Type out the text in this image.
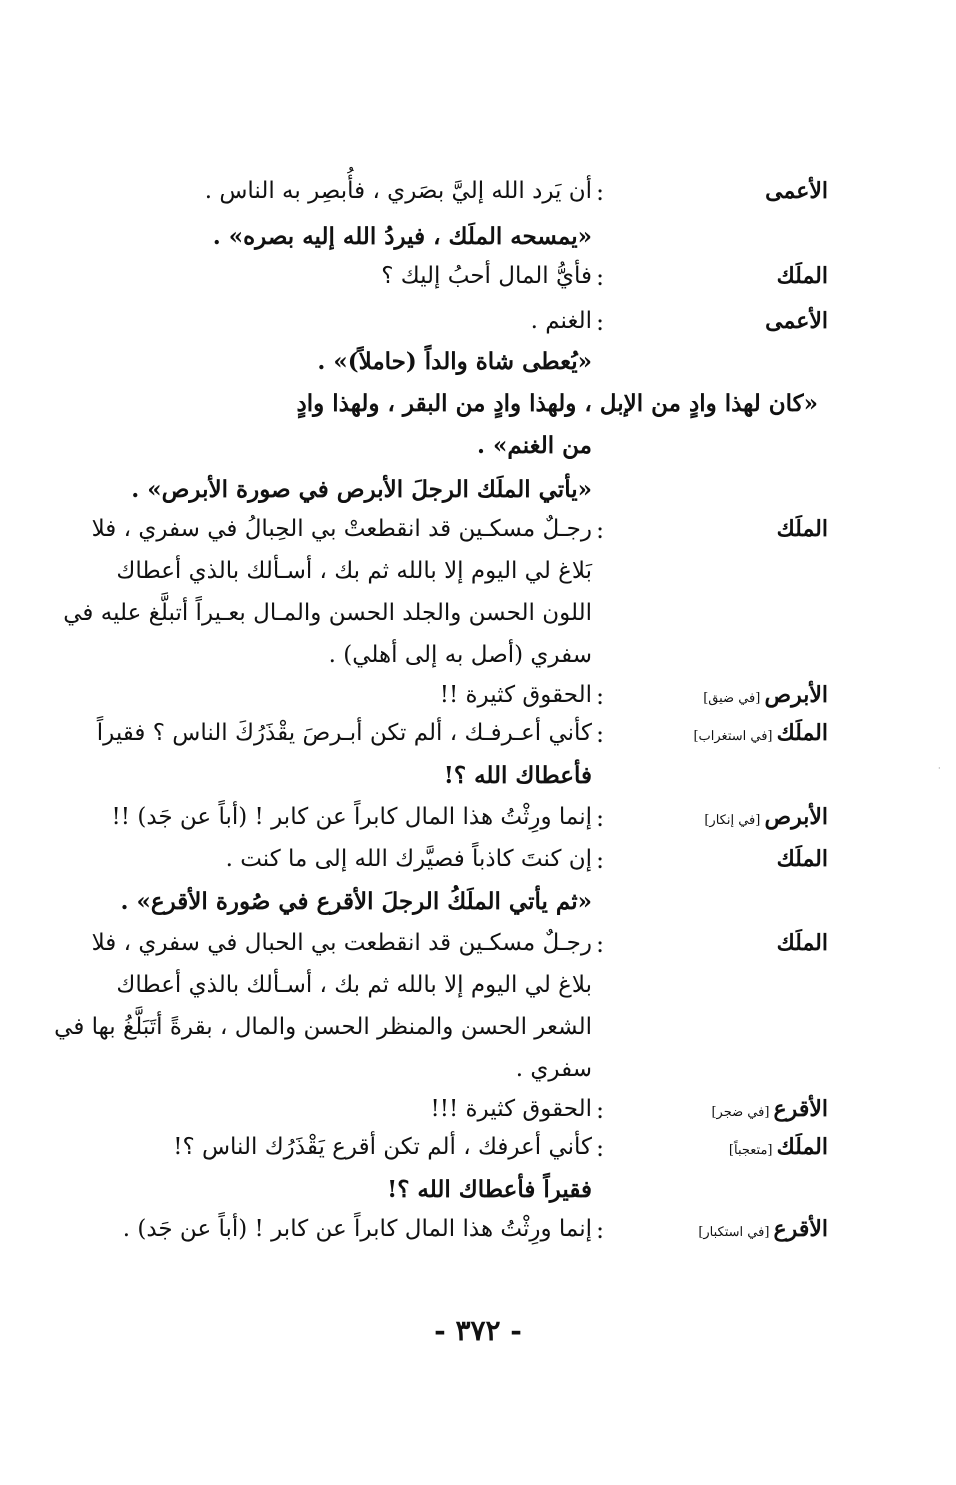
الأعمى
:
أن يَرد الله إليَّ بصَري ، فأُبصِر به الناس .
«يمسحه الملَك ، فيردُ الله إليه بصره» .
الملَك
:
فأيُّ المال أحبُ إليك ؟
الأعمى
:
الغنم .
«يُعطى شاة والداً (حاملاً)» .
«كان لهذا وادٍ من الإبل ، ولهذا وادٍ من البقر ، ولهذا وادٍ
من الغنم» .
«يأتي الملَك الرجلَ الأبرص في صورة الأبرص» .
الملَك
:
رجـلٌ مسكـين قد انقطعتْ بي الحِبالُ في سفري ، فلا
بَلاغ لي اليوم إلا بالله ثم بك ، أسـألك بالذي أعطاك
اللون الحسن والجلد الحسن والمـال بعـيراً أتبلَّغ عليه في
سفري (أصل به إلى أهلي) .
الأبرص [في ضيق]
:
الحقوق كثيرة !!
الملَك [في استغراب]
:
كأني أعـرفـك ، ألم تكن أبـرصَ يقْذَرُكَ الناس ؟ فقيراً
فأعطاك الله ؟!
الأبرص [في إنكار]
:
إنما ورِثْتُ هذا المال كابراً عن كابر ! (أباً عن جَد) !!
الملَك
:
إن كنتَ كاذباً فصيَّرك الله إلى ما كنت .
«ثم يأتي الملَكُ الرجلَ الأقرع في صُورة الأقرع» .
الملَك
:
رجـلٌ مسكـين قد انقطعت بي الحبال في سفري ، فلا
بلاغ لي اليوم إلا بالله ثم بك ، أسـألك بالذي أعطاك
الشعر الحسن والمنظر الحسن والمال ، بقرةً أتَبَلَّغُ بها في
سفري .
الأقرع [في ضجر]
:
الحقوق كثيرة !!!
الملَك [متعجباً]
:
كأني أعرفك ، ألم تكن أقرع يَقْذَرُك الناس ؟!
فقيراً فأعطاك الله ؟!
الأقرع [في استكبار]
:
إنما ورِثْتُ هذا المال كابراً عن كابر ! (أباً عن جَد) .
- ٣٧٢ -
·
